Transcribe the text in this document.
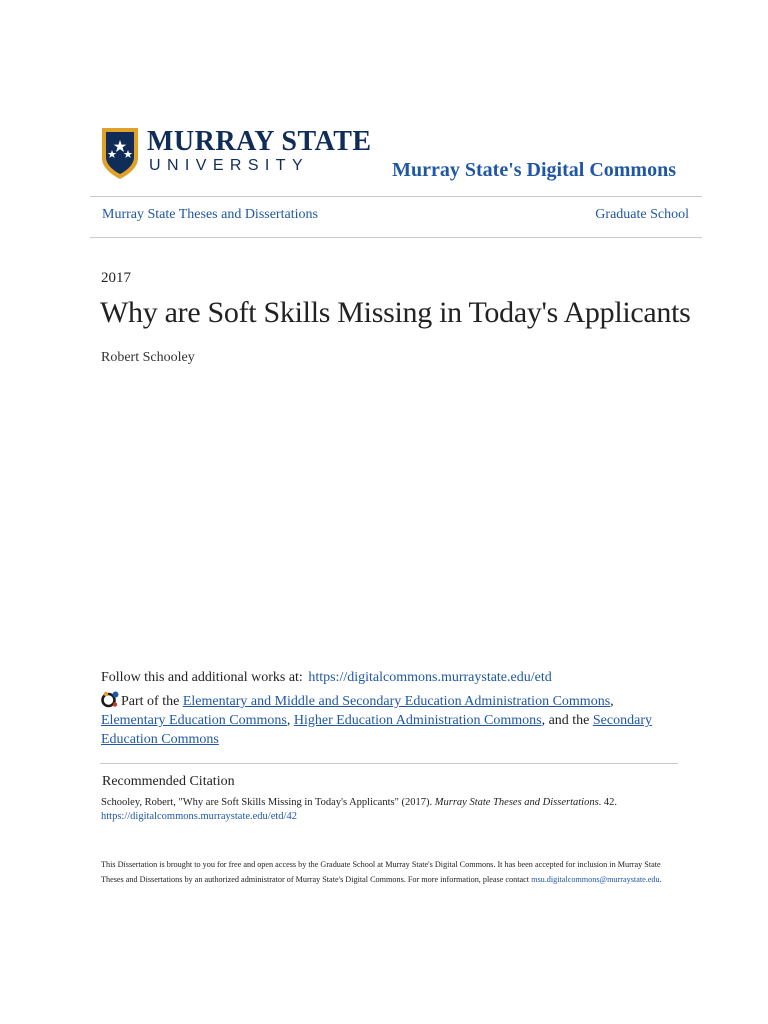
MURRAY STATE
UNIVERSITY	Murray State's Digital Commons
Murray State Theses and Dissertations	Graduate School
2017
Why are Soft Skills Missing in Today's Applicants
Robert Schooley
Follow this and additional works at: https://digitalcommons.murraystate.edu/etd
Part of the Elementary and Middle and Secondary Education Administration Commons, Elementary Education Commons, Higher Education Administration Commons, and the Secondary Education Commons
Recommended Citation
Schooley, Robert, "Why are Soft Skills Missing in Today's Applicants" (2017). Murray State Theses and Dissertations. 42.
https://digitalcommons.murraystate.edu/etd/42
This Dissertation is brought to you for free and open access by the Graduate School at Murray State's Digital Commons. It has been accepted for inclusion in Murray State Theses and Dissertations by an authorized administrator of Murray State's Digital Commons. For more information, please contact msu.digitalcommons@murraystate.edu.
